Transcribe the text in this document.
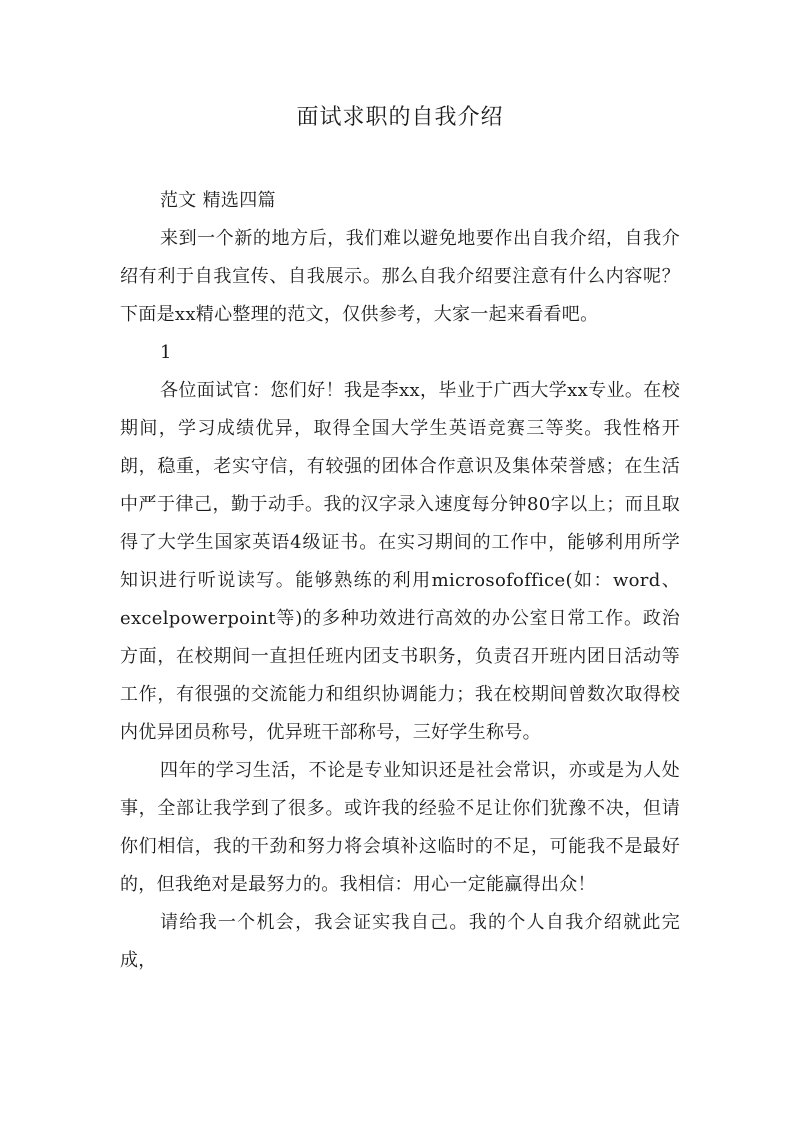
面试求职的自我介绍

范文 精选四篇

来到一个新的地方后，我们难以避免地要作出自我介绍，自我介绍有利于自我宣传、自我展示。那么自我介绍要注意有什么内容呢？下面是xx精心整理的范文，仅供参考，大家一起来看看吧。

1

各位面试官：您们好！我是李xx，毕业于广西大学xx专业。在校期间，学习成绩优异，取得全国大学生英语竞赛三等奖。我性格开朗，稳重，老实守信，有较强的团体合作意识及集体荣誉感；在生活中严于律己，勤于动手。我的汉字录入速度每分钟80字以上；而且取得了大学生国家英语4级证书。在实习期间的工作中，能够利用所学知识进行听说读写。能够熟练的利用microsofoffice(如：word、excelpowerpoint等)的多种功效进行高效的办公室日常工作。政治方面，在校期间一直担任班内团支书职务，负责召开班内团日活动等工作，有很强的交流能力和组织协调能力；我在校期间曾数次取得校内优异团员称号，优异班干部称号，三好学生称号。

四年的学习生活，不论是专业知识还是社会常识，亦或是为人处事，全部让我学到了很多。或许我的经验不足让你们犹豫不决，但请你们相信，我的干劲和努力将会填补这临时的不足，可能我不是最好的，但我绝对是最努力的。我相信：用心一定能赢得出众！

请给我一个机会，我会证实我自己。我的个人自我介绍就此完成，
